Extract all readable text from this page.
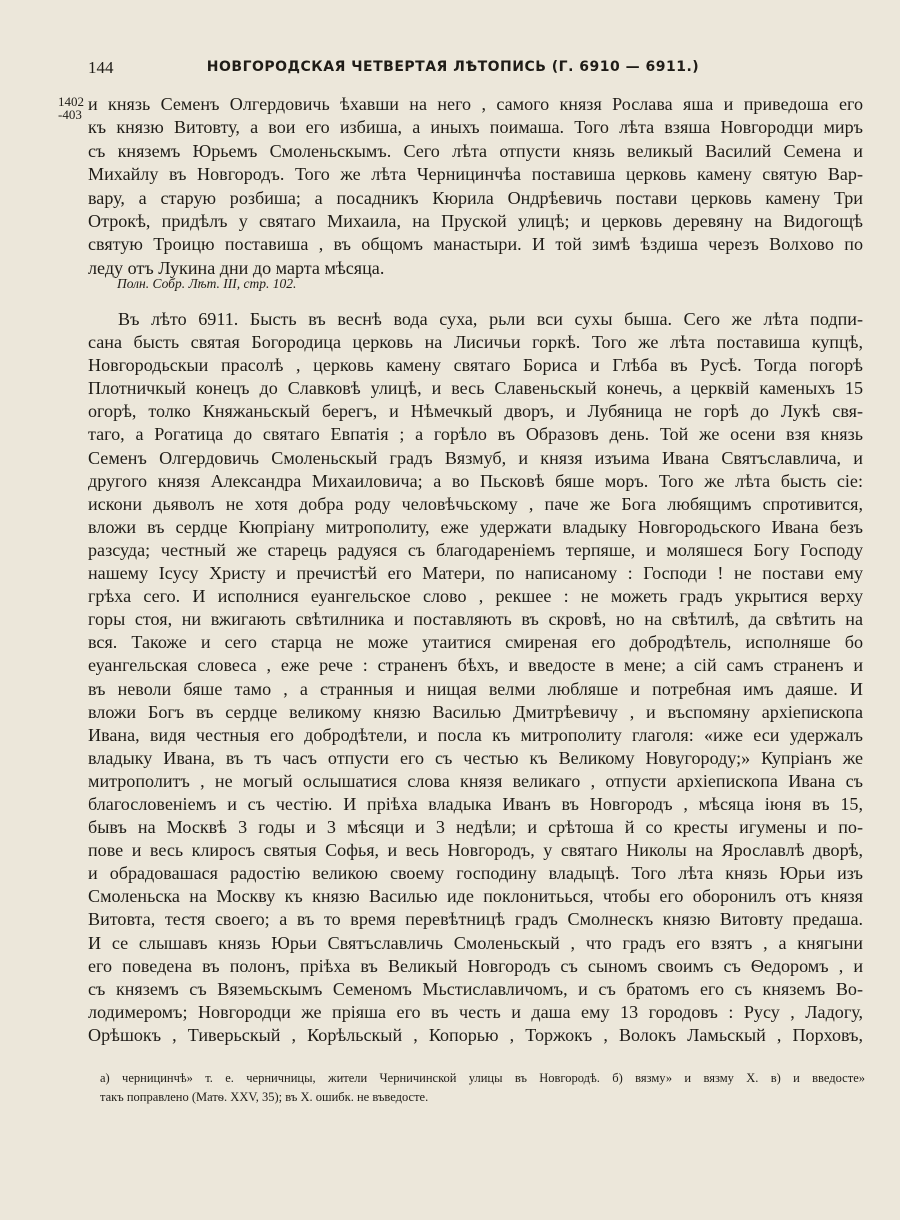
144	НОВГОРОДСКАЯ ЧЕТВЕРТАЯ ЛѢТОПИСЬ (Г. 6910 — 6911.)
1402
-403
и князь Семенъ Олгердовичь ѣхавши на него , самого князя Рослава яша и приведоша его
къ князю Витовту, а вои его избиша, а иныхъ поимаша. Того лѣта взяша Новгородци миръ
съ княземъ Юрьемъ Смоленьскымъ. Сего лѣта отпусти князь великый Василий Семена и
Михайлу въ Новгородъ. Того же лѣта Черницинчѣа поставиша церковь камену святую Вар-
вару, а старую розбиша; а посадникъ Кюрила Ондрѣевичь постави церковь камену Три
Отрокѣ, придѣлъ у святаго Михаила, на Пруской улицѣ; и церковь деревяну на Видогощѣ
святую Троицю поставиша , въ общомъ манастыри. И той зимѣ ѣздиша черезъ Волхово по
леду отъ Лукина дни до марта мѣсяца.
Полн. Собр. Лѣт. III, стр. 102.
Въ лѣто 6911. Бысть въ веснѣ вода суха, рьли вси сухы быша. Сего же лѣта подпи-
сана бысть святая Богородица церковь на Лисичьи горкѣ. Того же лѣта поставиша купцѣ,
Новгородьскыи прасолѣ , церковь камену святаго Бориса и Глѣба въ Русѣ. Тогда погорѣ
Плотничкый конецъ до Славковѣ улицѣ, и весь Славеньскый конечь, а церквій каменыхъ 15
огорѣ, толко Княжаньскый берегъ, и Нѣмечкый дворъ, и Лубяница не горѣ до Лукѣ свя-
таго, а Рогатица до святаго Евпатія ; а горѣло въ Образовъ день. Той же осени взя князь
Семенъ Олгердовичь Смоленьскый градъ Вязмуб, и князя изъима Ивана Святъславлича, и
другого князя Александра Михаиловича; а во Пьсковѣ бяше моръ. Того же лѣта бысть сіе:
искони дьяволъ не хотя добра роду человѣчьскому , паче же Бога любящимъ спротивится,
вложи въ сердце Кюпріану митрополиту, еже удержати владыку Новгородьского Ивана безъ
разсуда; честный же старець радуяся съ благодареніемъ терпяше, и моляшеся Богу Господу
нашему Ісусу Христу и пречистѣй его Матери, по написаному : Господи ! не постави ему
грѣха сего. И исполнися еуангельское слово , рекшее : не можеть градъ укрытися верху
горы стоя, ни вжигають свѣтилника и поставляють въ скровѣ, но на свѣтилѣ, да свѣтить на
вся. Такоже и сего старца не може утаитися смиреная его добродѣтель, исполняше бо
еуангельская словеса , еже рече : страненъ бѣхъ, и введосте в мене; а сій самъ страненъ и
въ неволи бяше тамо , а странныя и нищая велми любляше и потребная имъ даяше. И
вложи Богъ въ сердце великому князю Василью Дмитрѣевичу , и въспомяну архіепископа
Ивана, видя честныя его добродѣтели, и посла къ митрополиту глаголя: «иже еси удержалъ
владыку Ивана, въ тъ часъ отпусти его съ честью къ Великому Новугороду;» Купріанъ же
митрополитъ , не могый ослышатися слова князя великаго , отпусти архіепископа Ивана съ
благословеніемъ и съ честію. И пріѣха владыка Иванъ въ Новгородъ , мѣсяца іюня въ 15,
бывъ на Москвѣ 3 годы и 3 мѣсяци и 3 недѣли; и срѣтоша й со кресты игумены и по-
пове и весь клиросъ святыя Софья, и весь Новгородъ, у святаго Николы на Ярославлѣ дворѣ,
и обрадовашася радостію великою своему господину владыцѣ. Того лѣта князь Юрьи изъ
Смоленьска на Москву къ князю Василью иде поклонитьься, чтобы его оборонилъ отъ князя
Витовта, тестя своего; а въ то время перевѣтницѣ градъ Смолнескъ князю Витовту предаша.
И се слышавъ князь Юрьи Святъславличь Смоленьскый , что градъ его взятъ , а княгыни
его поведена въ полонъ, пріѣха въ Великый Новгородъ съ сыномъ своимъ съ Ѳедоромъ , и
съ княземъ съ Вяземьскымъ Семеномъ Мьстиславличомъ, и съ братомъ его съ княземъ Во-
лодимеромъ; Новгородци же пріяша его въ честь и даша ему 13 городовъ : Русу , Ладогу,
Орѣшокъ , Тиверьскый , Корѣльскый , Копорью , Торжокъ , Волокъ Ламьскый , Порховъ,
а) черницинчѣ» т. е. черничницы, жители Черничинской улицы въ Новгородѣ. б) вязму» и вязму X. в) и введосте»
такъ поправлено (Матѳ. XXV, 35); въ X. ошибк. не въведосте.
